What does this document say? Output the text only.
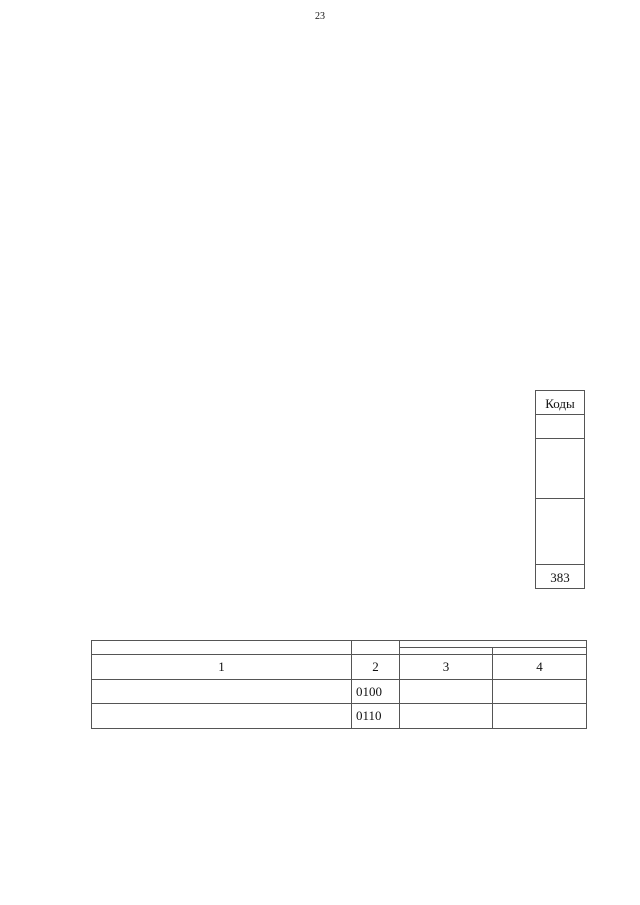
23
Коды
383

1	2	3	4
	0100		
	0110		
